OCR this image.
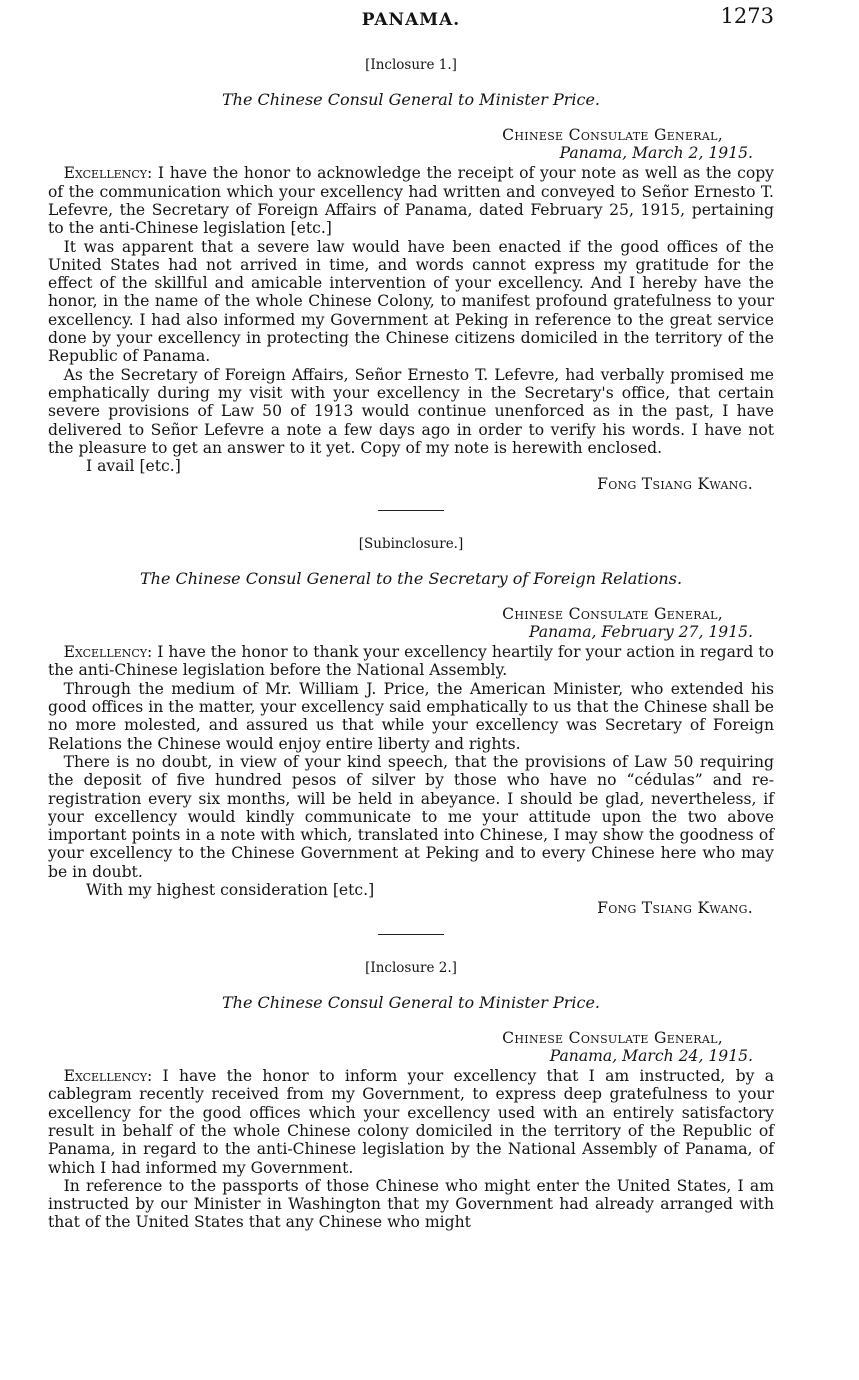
PANAMA.	1273
[Inclosure 1.]
The Chinese Consul General to Minister Price.
Chinese Consulate General,
Panama, March 2, 1915.

 Excellency: I have the honor to acknowledge the receipt of your note as well as the copy of the communication which your excellency had written and conveyed to Señor Ernesto T. Lefevre, the Secretary of Foreign Affairs of Panama, dated February 25, 1915, pertaining to the anti-Chinese legislation [etc.]

 It was apparent that a severe law would have been enacted if the good offices of the United States had not arrived in time, and words cannot express my gratitude for the effect of the skillful and amicable intervention of your excellency. And I hereby have the honor, in the name of the whole Chinese Colony, to manifest profound gratefulness to your excellency. I had also informed my Government at Peking in reference to the great service done by your excellency in protecting the Chinese citizens domiciled in the territory of the Republic of Panama.

 As the Secretary of Foreign Affairs, Señor Ernesto T. Lefevre, had verbally promised me emphatically during my visit with your excellency in the Secretary's office, that certain severe provisions of Law 50 of 1913 would continue unenforced as in the past, I have delivered to Señor Lefevre a note a few days ago in order to verify his words. I have not the pleasure to get an answer to it yet. Copy of my note is herewith enclosed.

I avail [etc.]
Fong Tsiang Kwang.
[Subinclosure.]
The Chinese Consul General to the Secretary of Foreign Relations.
Chinese Consulate General,
Panama, February 27, 1915.

 Excellency: I have the honor to thank your excellency heartily for your action in regard to the anti-Chinese legislation before the National Assembly.

 Through the medium of Mr. William J. Price, the American Minister, who extended his good offices in the matter, your excellency said emphatically to us that the Chinese shall be no more molested, and assured us that while your excellency was Secretary of Foreign Relations the Chinese would enjoy entire liberty and rights.

 There is no doubt, in view of your kind speech, that the provisions of Law 50 requiring the deposit of five hundred pesos of silver by those who have no “cédulas” and re-registration every six months, will be held in abeyance. I should be glad, nevertheless, if your excellency would kindly communicate to me your attitude upon the two above important points in a note with which, translated into Chinese, I may show the goodness of your excellency to the Chinese Government at Peking and to every Chinese here who may be in doubt.

With my highest consideration [etc.]
Fong Tsiang Kwang.
[Inclosure 2.]
The Chinese Consul General to Minister Price.
Chinese Consulate General,
Panama, March 24, 1915.

 Excellency: I have the honor to inform your excellency that I am instructed, by a cablegram recently received from my Government, to express deep gratefulness to your excellency for the good offices which your excellency used with an entirely satisfactory result in behalf of the whole Chinese colony domiciled in the territory of the Republic of Panama, in regard to the anti-Chinese legislation by the National Assembly of Panama, of which I had informed my Government.

 In reference to the passports of those Chinese who might enter the United States, I am instructed by our Minister in Washington that my Government had already arranged with that of the United States that any Chinese who might
